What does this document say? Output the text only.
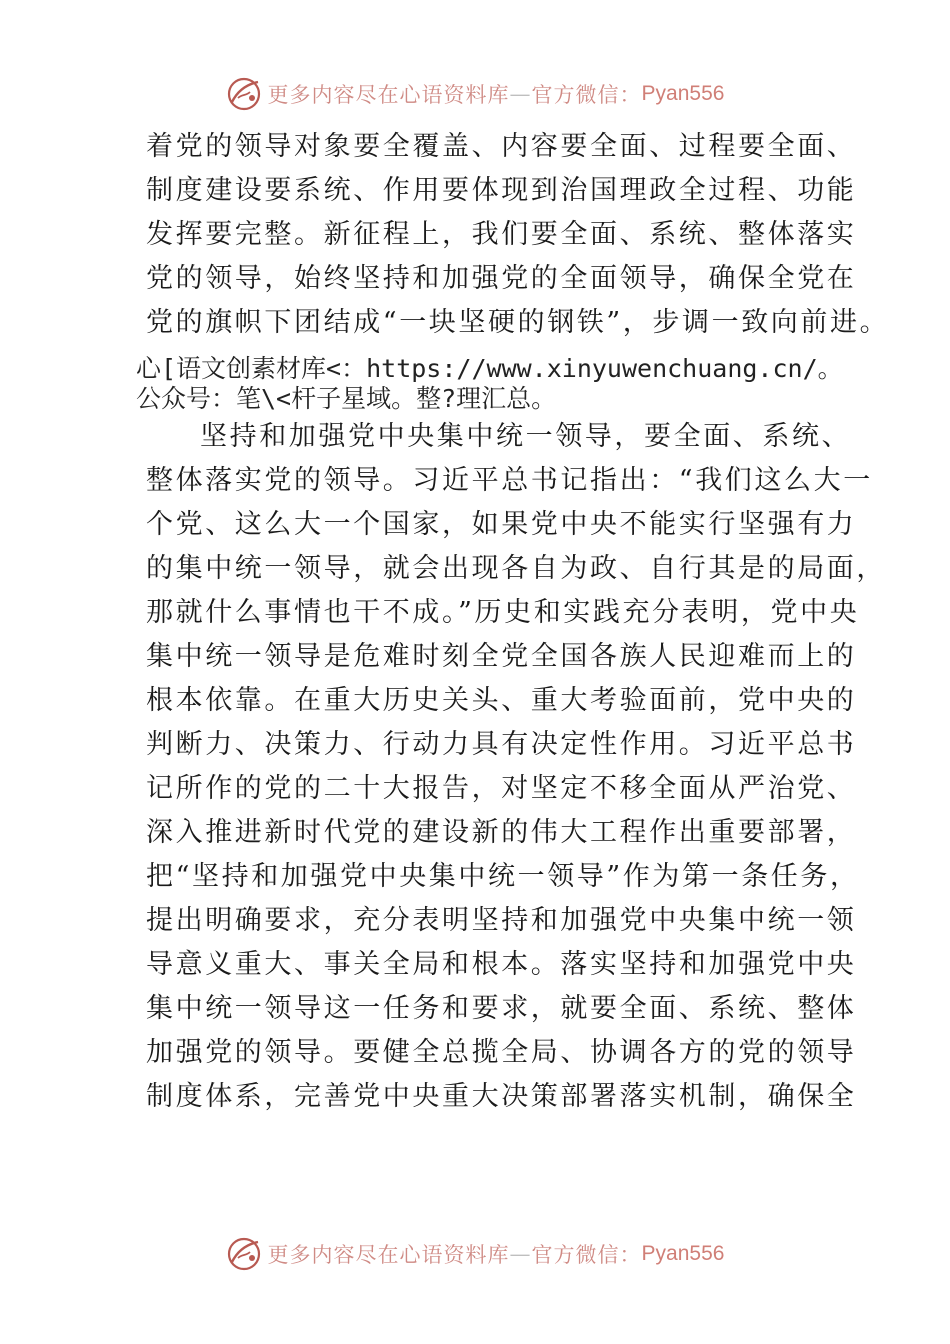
更多内容尽在心语资料库 — 官方微信： Pyan556
着党的领导对象要全覆盖、内容要全面、过程要全面、
制度建设要系统、作用要体现到治国理政全过程、功能
发挥要完整。新征程上，我们要全面、系统、整体落实
党的领导，始终坚持和加强党的全面领导，确保全党在
党的旗帜下团结成“一块坚硬的钢铁”，步调一致向前进。
心[语文创素材库<：https://www.xinyuwenchuang.cn/。
公众号：笔\<杆子星域。整?理汇总。
坚持和加强党中央集中统一领导，要全面、系统、
整体落实党的领导。习近平总书记指出：“我们这么大一
个党、这么大一个国家，如果党中央不能实行坚强有力
的集中统一领导，就会出现各自为政、自行其是的局面，
那就什么事情也干不成。”历史和实践充分表明，党中央
集中统一领导是危难时刻全党全国各族人民迎难而上的
根本依靠。在重大历史关头、重大考验面前，党中央的
判断力、决策力、行动力具有决定性作用。习近平总书
记所作的党的二十大报告，对坚定不移全面从严治党、
深入推进新时代党的建设新的伟大工程作出重要部署，
把“坚持和加强党中央集中统一领导”作为第一条任务，
提出明确要求，充分表明坚持和加强党中央集中统一领
导意义重大、事关全局和根本。落实坚持和加强党中央
集中统一领导这一任务和要求，就要全面、系统、整体
加强党的领导。要健全总揽全局、协调各方的党的领导
制度体系，完善党中央重大决策部署落实机制，确保全
更多内容尽在心语资料库 — 官方微信： Pyan556
